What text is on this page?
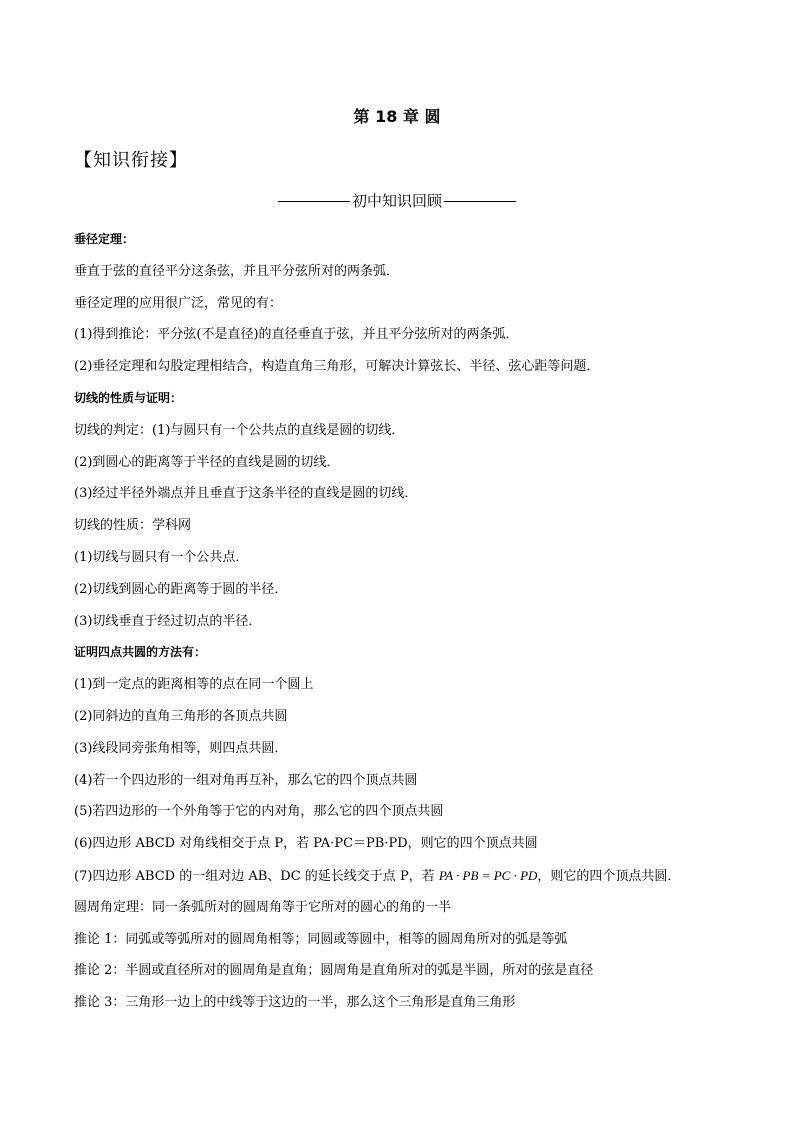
第 18 章 圆
【知识衔接】
初中知识回顾
垂径定理：
垂直于弦的直径平分这条弦，并且平分弦所对的两条弧．
垂径定理的应用很广泛，常见的有：
(1)得到推论：平分弦(不是直径)的直径垂直于弦，并且平分弦所对的两条弧．
(2)垂径定理和勾股定理相结合，构造直角三角形，可解决计算弦长、半径、弦心距等问题．
切线的性质与证明：
切线的判定：(1)与圆只有一个公共点的直线是圆的切线．
(2)到圆心的距离等于半径的直线是圆的切线．
(3)经过半径外端点并且垂直于这条半径的直线是圆的切线．
切线的性质：学科网
(1)切线与圆只有一个公共点．
(2)切线到圆心的距离等于圆的半径．
(3)切线垂直于经过切点的半径．
证明四点共圆的方法有：
(1)到一定点的距离相等的点在同一个圆上
(2)同斜边的直角三角形的各顶点共圆
(3)线段同旁张角相等，则四点共圆．
(4)若一个四边形的一组对角再互补，那么它的四个顶点共圆
(5)若四边形的一个外角等于它的内对角，那么它的四个顶点共圆
(6)四边形 ABCD 对角线相交于点 P，若 PA·PC＝PB·PD，则它的四个顶点共圆
(7)四边形 ABCD 的一组对边 AB、DC 的延长线交于点 P，若 PA · PB = PC · PD，则它的四个顶点共圆．
圆周角定理：同一条弧所对的圆周角等于它所对的圆心的角的一半
推论 1：同弧或等弧所对的圆周角相等；同圆或等圆中，相等的圆周角所对的弧是等弧
推论 2：半圆或直径所对的圆周角是直角；圆周角是直角所对的弧是半圆，所对的弦是直径
推论 3：三角形一边上的中线等于这边的一半，那么这个三角形是直角三角形
